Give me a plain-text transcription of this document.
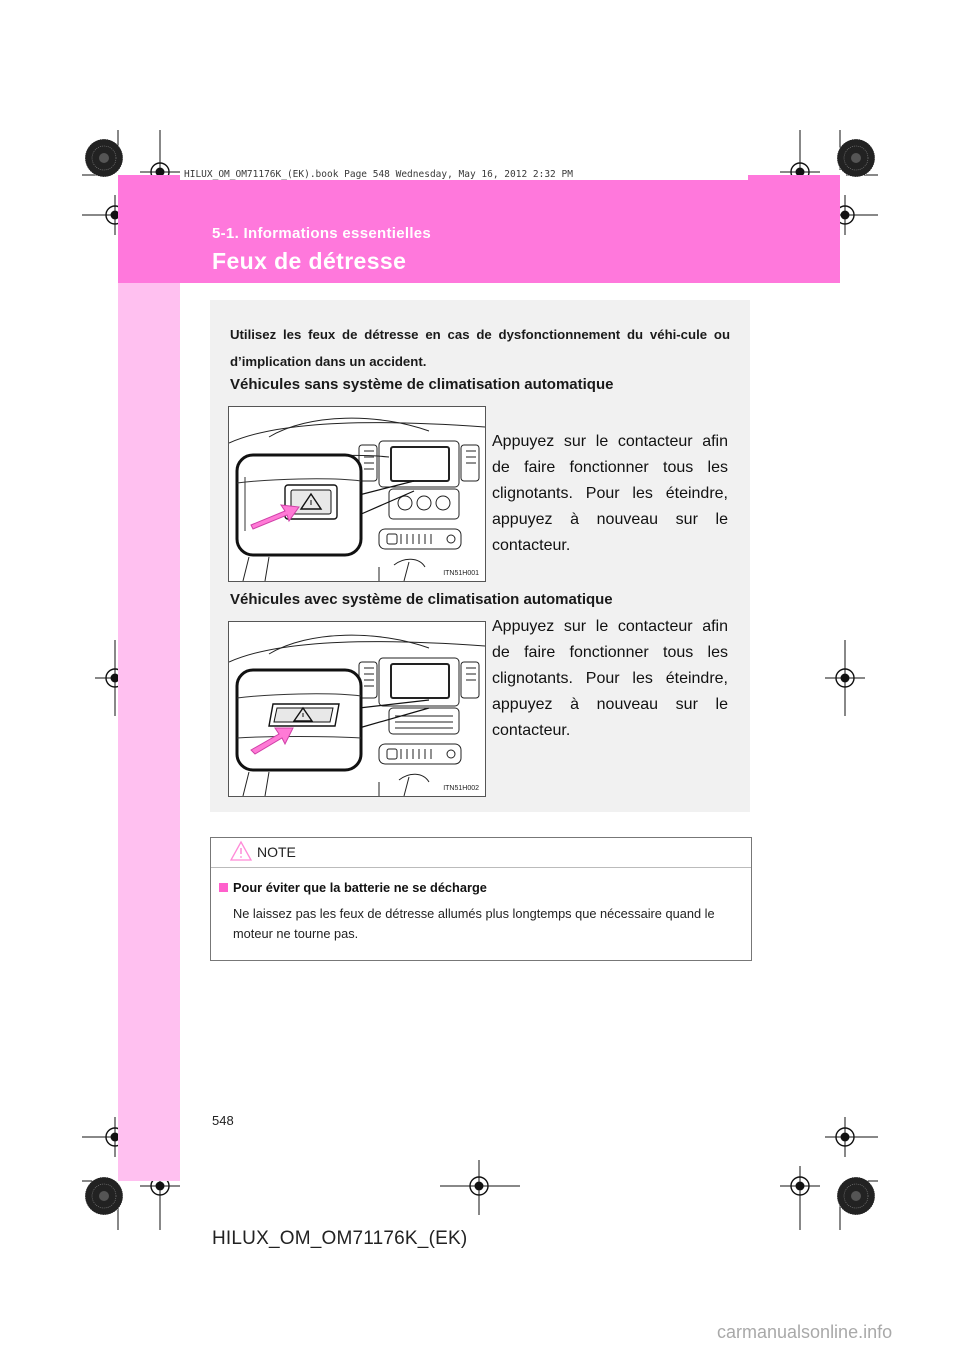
HILUX_OM_OM71176K_(EK).book Page 548 Wednesday, May 16, 2012 2:32 PM
5-1. Informations essentielles
Feux de détresse
Utilisez les feux de détresse en cas de dysfonctionnement du véhi-cule ou d’implication dans un accident.
Véhicules sans système de climatisation automatique
ITN51H001
Appuyez sur le contacteur afin de faire fonctionner tous les clignotants. Pour les éteindre, appuyez à nouveau sur le contacteur.
Véhicules avec système de climatisation automatique
ITN51H002
Appuyez sur le contacteur afin de faire fonctionner tous les clignotants. Pour les éteindre, appuyez à nouveau sur le contacteur.
NOTE
Pour éviter que la batterie ne se décharge
Ne laissez pas les feux de détresse allumés plus longtemps que nécessaire quand le moteur ne tourne pas.
548
HILUX_OM_OM71176K_(EK)
carmanualsonline.info
